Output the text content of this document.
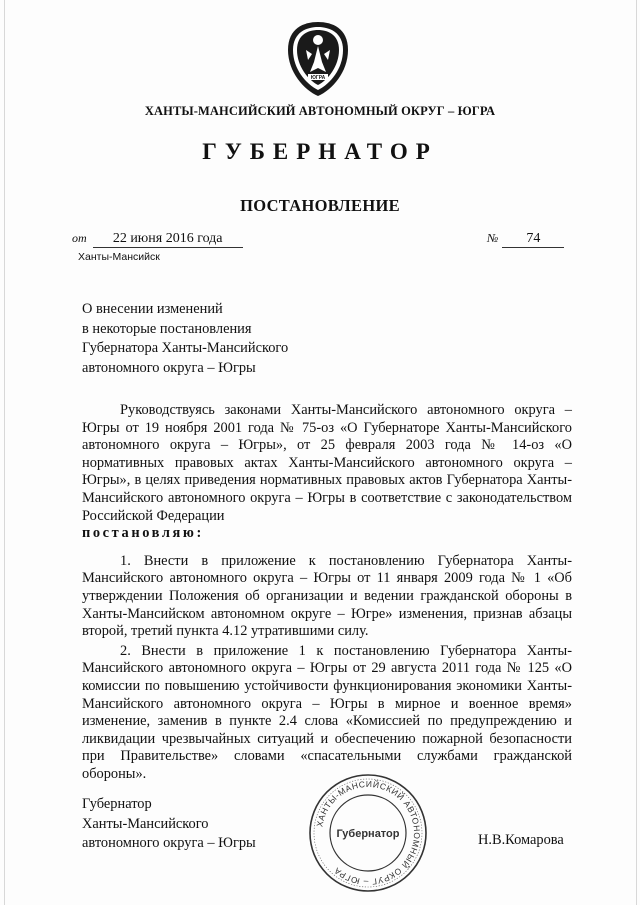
ЮГРА
ХАНТЫ-МАНСИЙСКИЙ АВТОНОМНЫЙ ОКРУГ – ЮГРА
ГУБЕРНАТОР
ПОСТАНОВЛЕНИЕ
от 22 июня 2016 года	№ 74
Ханты-Мансийск
О внесении изменений
в некоторые постановления
Губернатора Ханты-Мансийского
автономного округа – Югры

Руководствуясь законами Ханты-Мансийского автономного округа – Югры от 19 ноября 2001 года № 75-оз «О Губернаторе Ханты-Мансийского автономного округа – Югры», от 25 февраля 2003 года № 14-оз «О нормативных правовых актах Ханты-Мансийского автономного округа – Югры», в целях приведения нормативных правовых актов Губернатора Ханты-Мансийского автономного округа – Югры в соответствие с законодательством Российской Федерации

постановляю:

1. Внести в приложение к постановлению Губернатора Ханты-Мансийского автономного округа – Югры от 11 января 2009 года № 1 «Об утверждении Положения об организации и ведении гражданской обороны в Ханты-Мансийском автономном округе – Югре» изменения, признав абзацы второй, третий пункта 4.12 утратившими силу.

2. Внести в приложение 1 к постановлению Губернатора Ханты-Мансийского автономного округа – Югры от 29 августа 2011 года № 125 «О комиссии по повышению устойчивости функционирования экономики Ханты-Мансийского автономного округа – Югры в мирное и военное время» изменение, заменив в пункте 2.4 слова «Комиссией по предупреждению и ликвидации чрезвычайных ситуаций и обеспечению пожарной безопасности при Правительстве» словами «спасательными службами гражданской обороны».

Губернатор
Ханты-Мансийского
автономного округа – Югры
ХАНТЫ-МАНСИЙСКИЙ АВТОНОМНЫЙ ОКРУГ – ЮГРА
Губернатор	Н.В.Комарова
